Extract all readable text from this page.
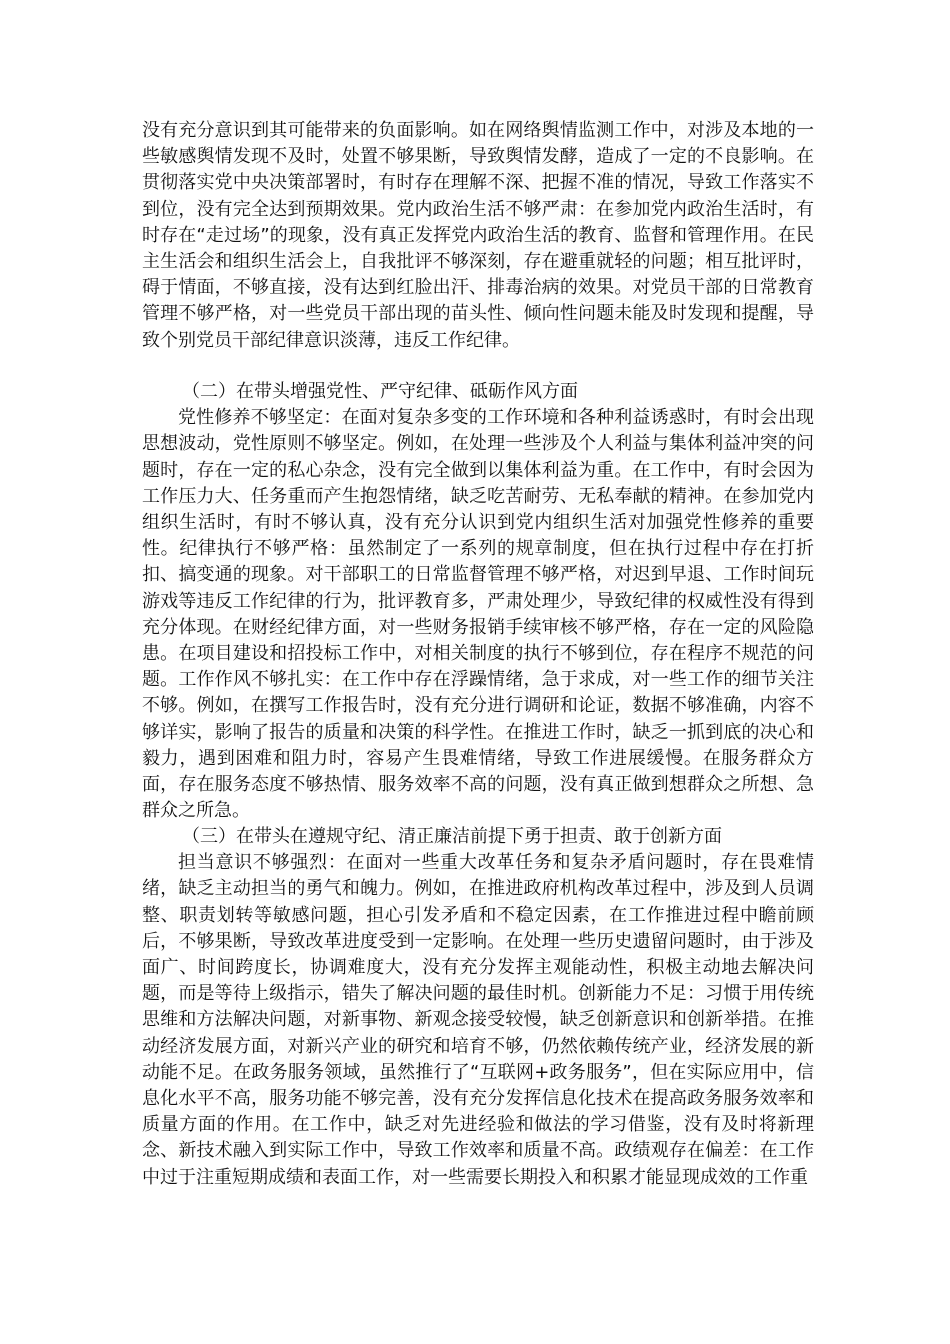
没有充分意识到其可能带来的负面影响。如在网络舆情监测工作中，对涉及本地的一些敏感舆情发现不及时，处置不够果断，导致舆情发酵，造成了一定的不良影响。在贯彻落实党中央决策部署时，有时存在理解不深、把握不准的情况，导致工作落实不到位，没有完全达到预期效果。党内政治生活不够严肃：在参加党内政治生活时，有时存在“走过场”的现象，没有真正发挥党内政治生活的教育、监督和管理作用。在民主生活会和组织生活会上，自我批评不够深刻，存在避重就轻的问题；相互批评时，碍于情面，不够直接，没有达到红脸出汗、排毒治病的效果。对党员干部的日常教育管理不够严格，对一些党员干部出现的苗头性、倾向性问题未能及时发现和提醒，导致个别党员干部纪律意识淡薄，违反工作纪律。

（二）在带头增强党性、严守纪律、砥砺作风方面

党性修养不够坚定：在面对复杂多变的工作环境和各种利益诱惑时，有时会出现思想波动，党性原则不够坚定。例如，在处理一些涉及个人利益与集体利益冲突的问题时，存在一定的私心杂念，没有完全做到以集体利益为重。在工作中，有时会因为工作压力大、任务重而产生抱怨情绪，缺乏吃苦耐劳、无私奉献的精神。在参加党内组织生活时，有时不够认真，没有充分认识到党内组织生活对加强党性修养的重要性。纪律执行不够严格：虽然制定了一系列的规章制度，但在执行过程中存在打折扣、搞变通的现象。对干部职工的日常监督管理不够严格，对迟到早退、工作时间玩游戏等违反工作纪律的行为，批评教育多，严肃处理少，导致纪律的权威性没有得到充分体现。在财经纪律方面，对一些财务报销手续审核不够严格，存在一定的风险隐患。在项目建设和招投标工作中，对相关制度的执行不够到位，存在程序不规范的问题。工作作风不够扎实：在工作中存在浮躁情绪，急于求成，对一些工作的细节关注不够。例如，在撰写工作报告时，没有充分进行调研和论证，数据不够准确，内容不够详实，影响了报告的质量和决策的科学性。在推进工作时，缺乏一抓到底的决心和毅力，遇到困难和阻力时，容易产生畏难情绪，导致工作进展缓慢。在服务群众方面，存在服务态度不够热情、服务效率不高的问题，没有真正做到想群众之所想、急群众之所急。

（三）在带头在遵规守纪、清正廉洁前提下勇于担责、敢于创新方面

担当意识不够强烈：在面对一些重大改革任务和复杂矛盾问题时，存在畏难情绪，缺乏主动担当的勇气和魄力。例如，在推进政府机构改革过程中，涉及到人员调整、职责划转等敏感问题，担心引发矛盾和不稳定因素，在工作推进过程中瞻前顾后，不够果断，导致改革进度受到一定影响。在处理一些历史遗留问题时，由于涉及面广、时间跨度长，协调难度大，没有充分发挥主观能动性，积极主动地去解决问题，而是等待上级指示，错失了解决问题的最佳时机。创新能力不足：习惯于用传统思维和方法解决问题，对新事物、新观念接受较慢，缺乏创新意识和创新举措。在推动经济发展方面，对新兴产业的研究和培育不够，仍然依赖传统产业，经济发展的新动能不足。在政务服务领域，虽然推行了“互联网+政务服务”，但在实际应用中，信息化水平不高，服务功能不够完善，没有充分发挥信息化技术在提高政务服务效率和质量方面的作用。在工作中，缺乏对先进经验和做法的学习借鉴，没有及时将新理念、新技术融入到实际工作中，导致工作效率和质量不高。政绩观存在偏差：在工作中过于注重短期成绩和表面工作，对一些需要长期投入和积累才能显现成效的工作重
